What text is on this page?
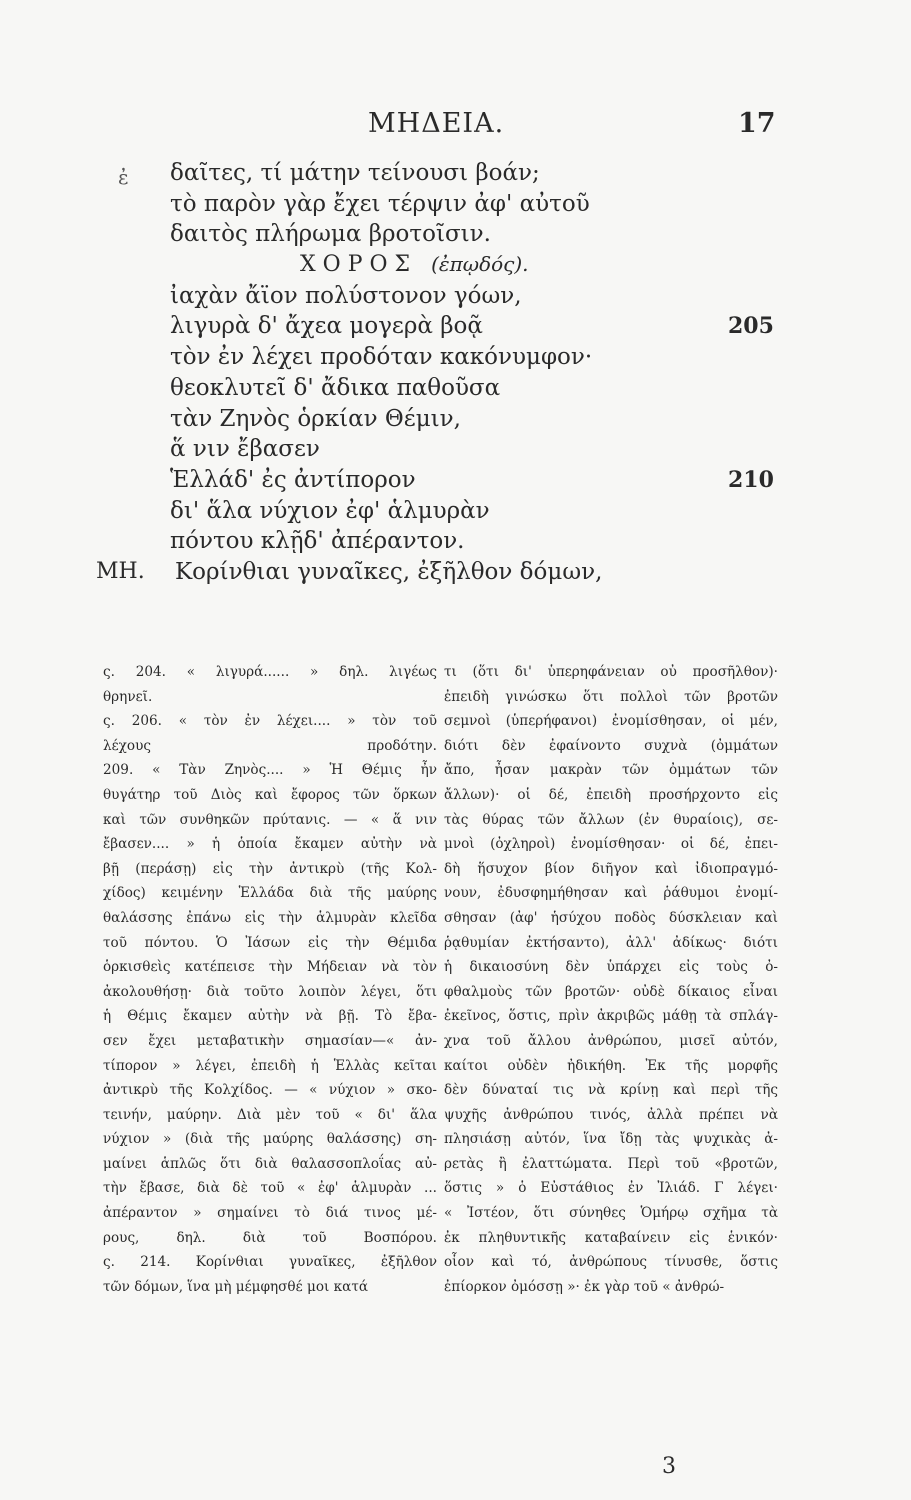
ΜΗΔΕΙΑ.	17
ἐ δαῖτες, τί μάτην τείνουσι βοάν;
τὸ παρὸν γὰρ ἔχει τέρψιν ἀφ' αὐτοῦ
δαιτὸς πλήρωμα βροτοῖσιν.
ΧΟΡΟΣ (ἐπῳδός).
ἰαχὰν ἄϊον πολύστονον γόων,
λιγυρὰ δ' ἄχεα μογερὰ βοᾷ	205
τὸν ἐν λέχει προδόταν κακόνυμφον·
θεοκλυτεῖ δ' ἄδικα παθοῦσα
τὰν Ζηνὸς ὁρκίαν Θέμιν,
ἅ νιν ἔβασεν
Ἑλλάδ' ἐς ἀντίπορον	210
δι' ἅλα νύχιον ἐφ' ἁλμυρὰν
πόντου κλῇδ' ἀπέραντον.
ΜΗ. Κορίνθιαι γυναῖκες, ἐξῆλθον δόμων,
ς. 204. « λιγυρά...... » δηλ. λιγέως
θρηνεῖ.
ς. 206. « τὸν ἐν λέχει.... » τὸν τοῦ
λέχους προδότην.
209. « Τὰν Ζηνὸς.... » Ἡ Θέμις ἦν
θυγάτηρ τοῦ Διὸς καὶ ἔφορος τῶν ὅρκων
καὶ τῶν συνθηκῶν πρύτανις. — « ἅ νιν
ἔβασεν.... » ἡ ὁποία ἔκαμεν αὐτὴν νὰ
βῇ (περάσῃ) εἰς τὴν ἀντικρὺ (τῆς Κολ-
χίδος) κειμένην Ἑλλάδα διὰ τῆς μαύρης
θαλάσσης ἐπάνω εἰς τὴν ἁλμυρὰν κλεῖδα
τοῦ πόντου. Ὁ Ἰάσων εἰς τὴν Θέμιδα
ὁρκισθεὶς κατέπεισε τὴν Μήδειαν νὰ τὸν
ἀκολουθήσῃ· διὰ τοῦτο λοιπὸν λέγει, ὅτι
ἡ Θέμις ἔκαμεν αὐτὴν νὰ βῇ. Τὸ ἔβα-
σεν ἔχει μεταβατικὴν σημασίαν—« ἀν-
τίπορον » λέγει, ἐπειδὴ ἡ Ἑλλὰς κεῖται
ἀντικρὺ τῆς Κολχίδος. — « νύχιον » σκο-
τεινήν, μαύρην. Διὰ μὲν τοῦ « δι' ἅλα
νύχιον » (διὰ τῆς μαύρης θαλάσσης) ση-
μαίνει ἁπλῶς ὅτι διὰ θαλασσοπλοΐας αὐ-
τὴν ἔβασε, διὰ δὲ τοῦ « ἐφ' ἁλμυρὰν ...
ἀπέραντον » σημαίνει τὸ διά τινος μέ-
ρους, δηλ. διὰ τοῦ Βοσπόρου.
ς. 214. Κορίνθιαι γυναῖκες, ἐξῆλθον
τῶν δόμων, ἵνα μὴ μέμφησθέ μοι κατά
τι (ὅτι δι' ὑπερηφάνειαν οὐ προσῆλθον)·
ἐπειδὴ γινώσκω ὅτι πολλοὶ τῶν βροτῶν
σεμνοὶ (ὑπερήφανοι) ἐνομίσθησαν, οἱ μέν,
διότι δὲν ἐφαίνοντο συχνὰ (ὀμμάτων
ἄπο, ἦσαν μακρὰν τῶν ὀμμάτων τῶν
ἄλλων)· οἱ δέ, ἐπειδὴ προσήρχοντο εἰς
τὰς θύρας τῶν ἄλλων (ἐν θυραίοις), σε-
μνοὶ (ὀχληροὶ) ἐνομίσθησαν· οἱ δέ, ἐπει-
δὴ ἥσυχον βίον διῆγον καὶ ἰδιοπραγμό-
νουν, ἐδυσφημήθησαν καὶ ῥάθυμοι ἐνομί-
σθησαν (ἀφ' ἡσύχου ποδὸς δύσκλειαν καὶ
ῥᾳθυμίαν ἐκτήσαντο), ἀλλ' ἀδίκως· διότι
ἡ δικαιοσύνη δὲν ὑπάρχει εἰς τοὺς ὀ-
φθαλμοὺς τῶν βροτῶν· οὐδὲ δίκαιος εἶναι
ἐκεῖνος, ὅστις, πρὶν ἀκριβῶς μάθῃ τὰ σπλάγ-
χνα τοῦ ἄλλου ἀνθρώπου, μισεῖ αὐτόν,
καίτοι οὐδὲν ἠδικήθη. Ἐκ τῆς μορφῆς
δὲν δύναταί τις νὰ κρίνῃ καὶ περὶ τῆς
ψυχῆς ἀνθρώπου τινός, ἀλλὰ πρέπει νὰ
πλησιάσῃ αὐτόν, ἵνα ἴδῃ τὰς ψυχικὰς ἀ-
ρετὰς ἢ ἐλαττώματα. Περὶ τοῦ «βροτῶν,
ὅστις » ὁ Εὐστάθιος ἐν Ἰλιάδ. Γ λέγει·
« Ἰστέον, ὅτι σύνηθες Ὁμήρῳ σχῆμα τὰ
ἐκ πληθυντικῆς καταβαίνειν εἰς ἑνικόν·
οἷον καὶ τό, ἀνθρώπους τίνυσθε, ὅστις
ἐπίορκον ὀμόσσῃ »· ἐκ γὰρ τοῦ « ἀνθρώ-
3
